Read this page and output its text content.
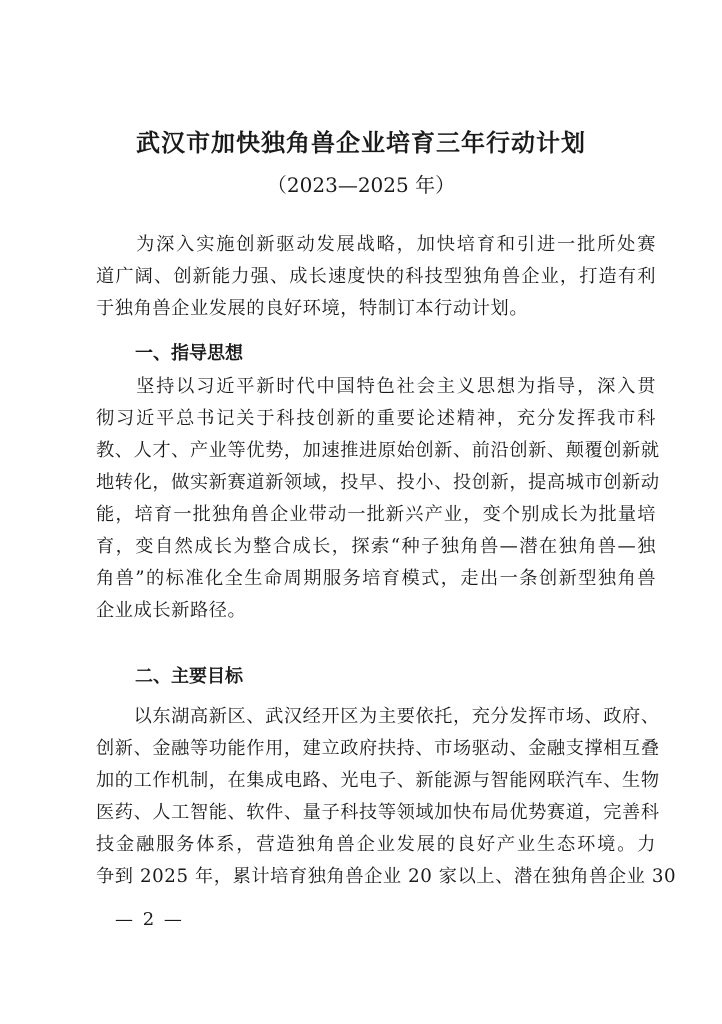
武汉市加快独角兽企业培育三年行动计划
（2023—2025 年）
　　为深入实施创新驱动发展战略，加快培育和引进一批所处赛
道广阔、创新能力强、成长速度快的科技型独角兽企业，打造有利
于独角兽企业发展的良好环境，特制订本行动计划。
一、指导思想
　　坚持以习近平新时代中国特色社会主义思想为指导，深入贯
彻习近平总书记关于科技创新的重要论述精神，充分发挥我市科
教、人才、产业等优势，加速推进原始创新、前沿创新、颠覆创新就
地转化，做实新赛道新领域，投早、投小、投创新，提高城市创新动
能，培育一批独角兽企业带动一批新兴产业，变个别成长为批量培
育，变自然成长为整合成长，探索“种子独角兽—潜在独角兽—独
角兽”的标准化全生命周期服务培育模式，走出一条创新型独角兽
企业成长新路径。
二、主要目标
　　以东湖高新区、武汉经开区为主要依托，充分发挥市场、政府、
创新、金融等功能作用，建立政府扶持、市场驱动、金融支撑相互叠
加的工作机制，在集成电路、光电子、新能源与智能网联汽车、生物
医药、人工智能、软件、量子科技等领域加快布局优势赛道，完善科
技金融服务体系，营造独角兽企业发展的良好产业生态环境。力
争到 2025 年，累计培育独角兽企业 20 家以上、潜在独角兽企业 30
— 2 —
